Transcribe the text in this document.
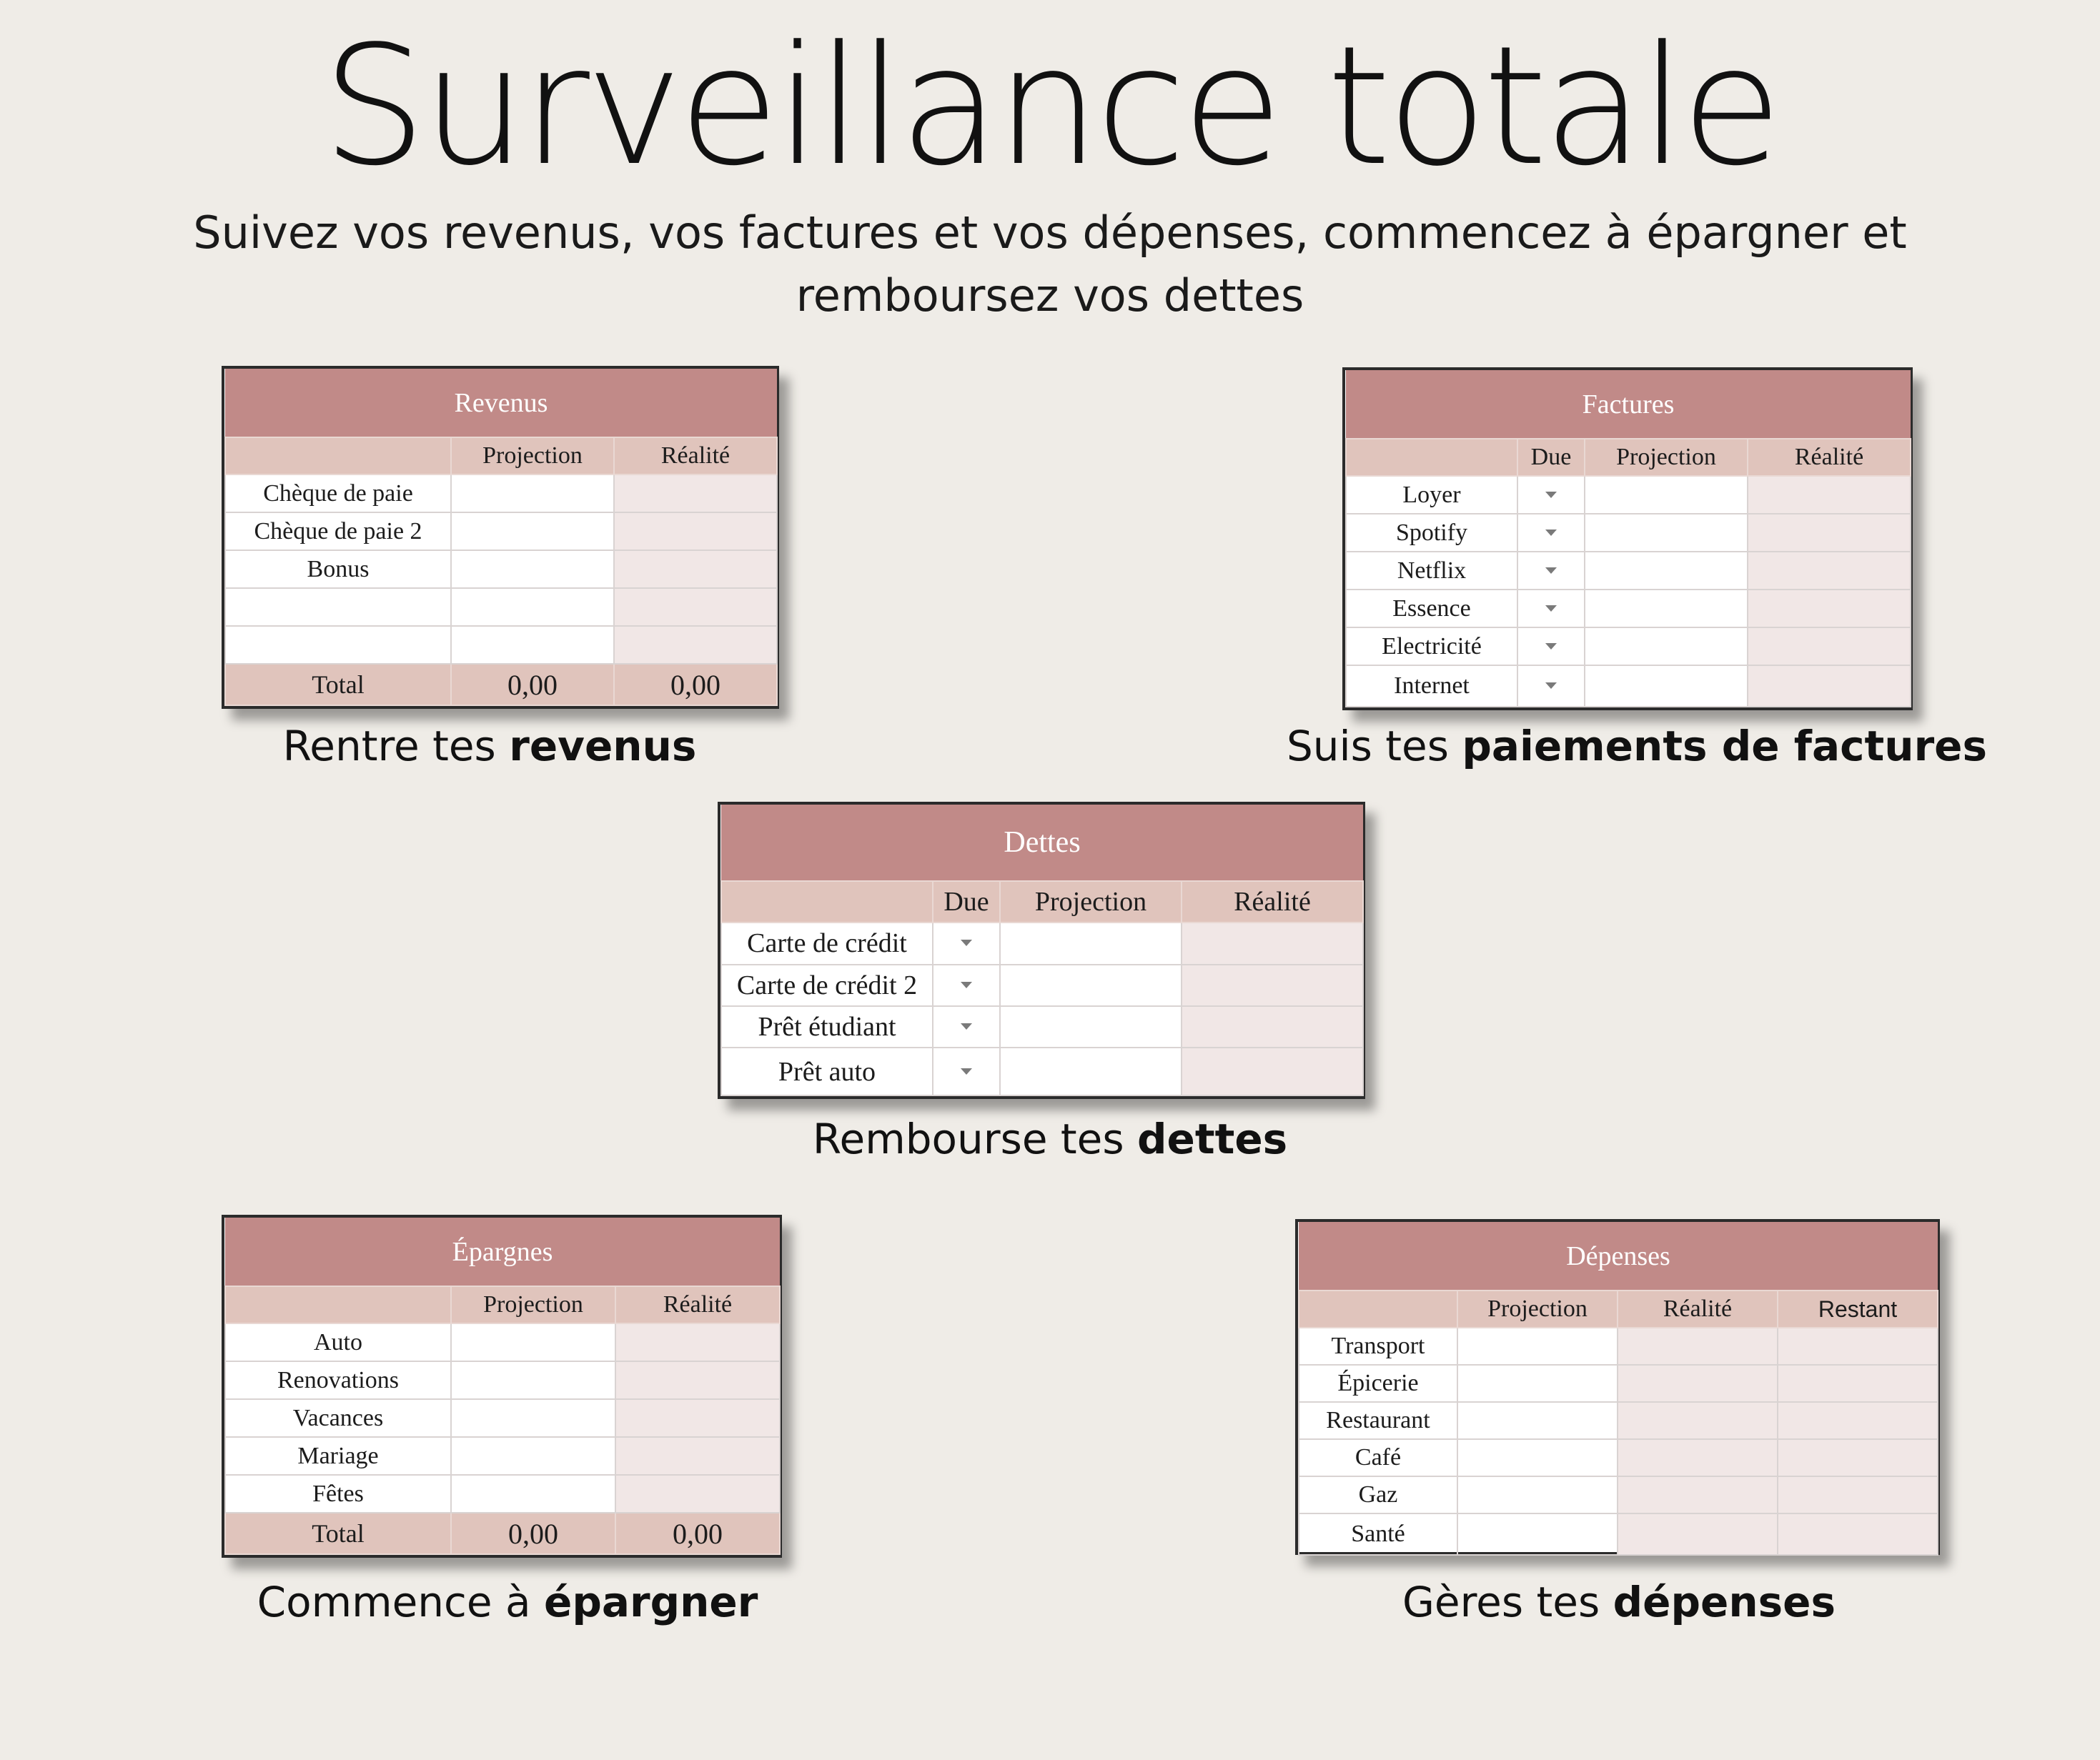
Surveillance totale
Suivez vos revenus, vos factures et vos dépenses, commencez à épargner et
remboursez vos dettes
Revenus		
	Projection	Réalité
Chèque de paie		
Chèque de paie 2		
Bonus		

Total	0,00	0,00
Rentre tes revenus
Factures			
	Due	Projection	Réalité
Loyer			
Spotify			
Netflix			
Essence			
Electricité			
Internet			
Suis tes paiements de factures
Dettes			
	Due	Projection	Réalité
Carte de crédit			
Carte de crédit 2			
Prêt étudiant			
Prêt auto			
Rembourse tes dettes
Épargnes		
	Projection	Réalité
Auto		
Renovations		
Vacances		
Mariage		
Fêtes		
Total	0,00	0,00
Commence à épargner
Dépenses			
	Projection	Réalité	Restant
Transport			
Épicerie			
Restaurant			
Café			
Gaz			
Santé			
Gères tes dépenses
